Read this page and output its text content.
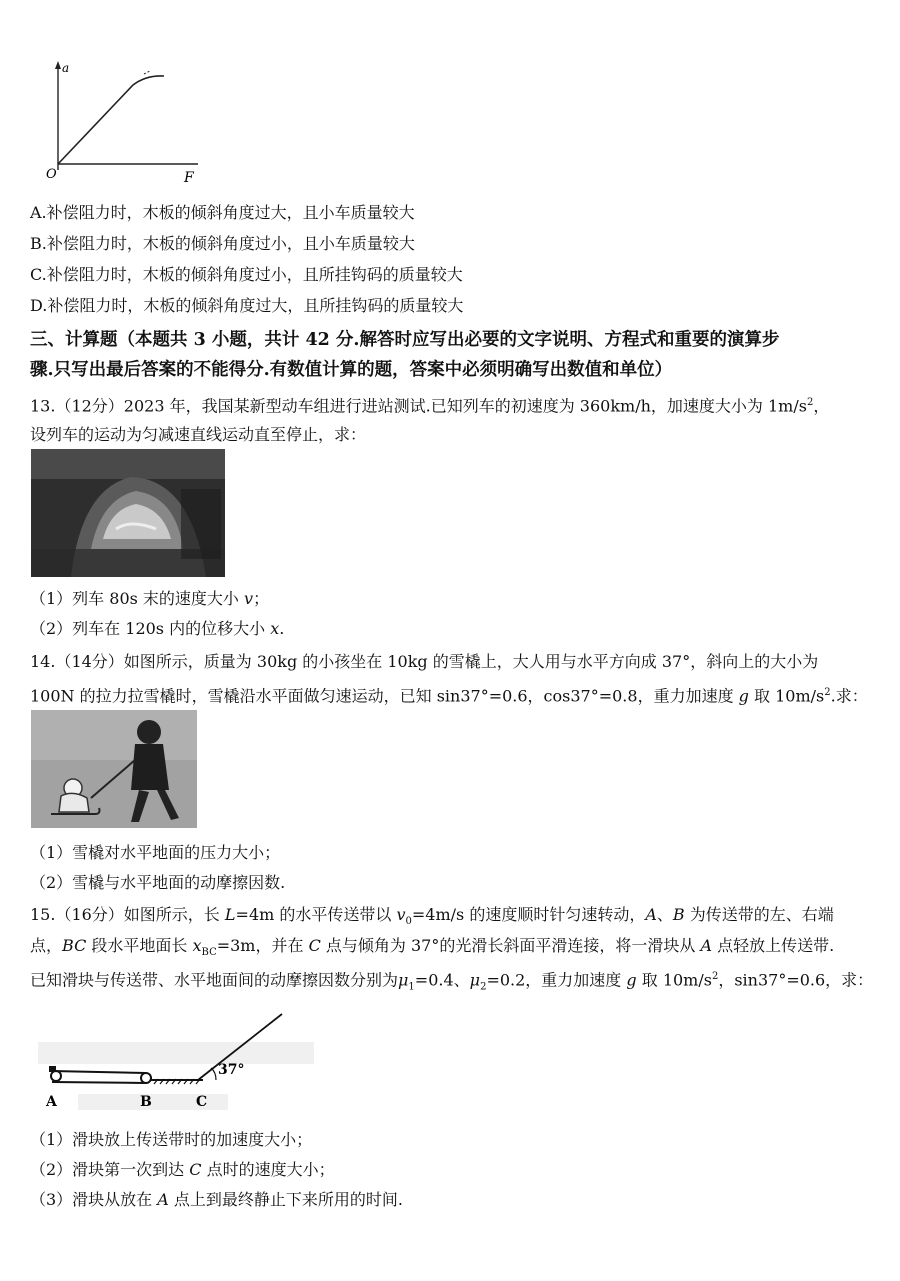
a
F
O
A.补偿阻力时，木板的倾斜角度过大，且小车质量较大
B.补偿阻力时，木板的倾斜角度过小，且小车质量较大
C.补偿阻力时，木板的倾斜角度过小，且所挂钩码的质量较大
D.补偿阻力时，木板的倾斜角度过大，且所挂钩码的质量较大
三、计算题（本题共 3 小题，共计 42 分.解答时应写出必要的文字说明、方程式和重要的演算步
骤.只写出最后答案的不能得分.有数值计算的题，答案中必须明确写出数值和单位）
13.（12分）2023 年，我国某新型动车组进行进站测试.已知列车的初速度为 360km/h，加速度大小为 $1m/s^2$，
设列车的运动为匀减速直线运动直至停止，求：
（1）列车 80s 末的速度大小 v；
（2）列车在 120s 内的位移大小 x.
14.（14分）如图所示，质量为 30kg 的小孩坐在 10kg 的雪橇上，大人用与水平方向成 37°，斜向上的大小为
100N 的拉力拉雪橇时，雪橇沿水平面做匀速运动，已知 sin37°=0.6，cos37°=0.8，重力加速度 g 取 $10m/s^2$.求：
（1）雪橇对水平地面的压力大小；
（2）雪橇与水平地面的动摩擦因数.
15.（16分）如图所示，长 L=4m 的水平传送带以 $v_0=4m/s$ 的速度顺时针匀速转动，A、B 为传送带的左、右端
点，BC 段水平地面长 $x_{BC}=3m$，并在 C 点与倾角为 37°的光滑长斜面平滑连接，将一滑块从 A 点轻放上传送带.
已知滑块与传送带、水平地面间的动摩擦因数分别为$\mu_1=0.4$、$\mu_2=0.2$，重力加速度 g 取 $10m/s^2$，sin37°=0.6，求：
37°
A	B	C
（1）滑块放上传送带时的加速度大小；
（2）滑块第一次到达 C 点时的速度大小；
（3）滑块从放在 A 点上到最终静止下来所用的时间.
